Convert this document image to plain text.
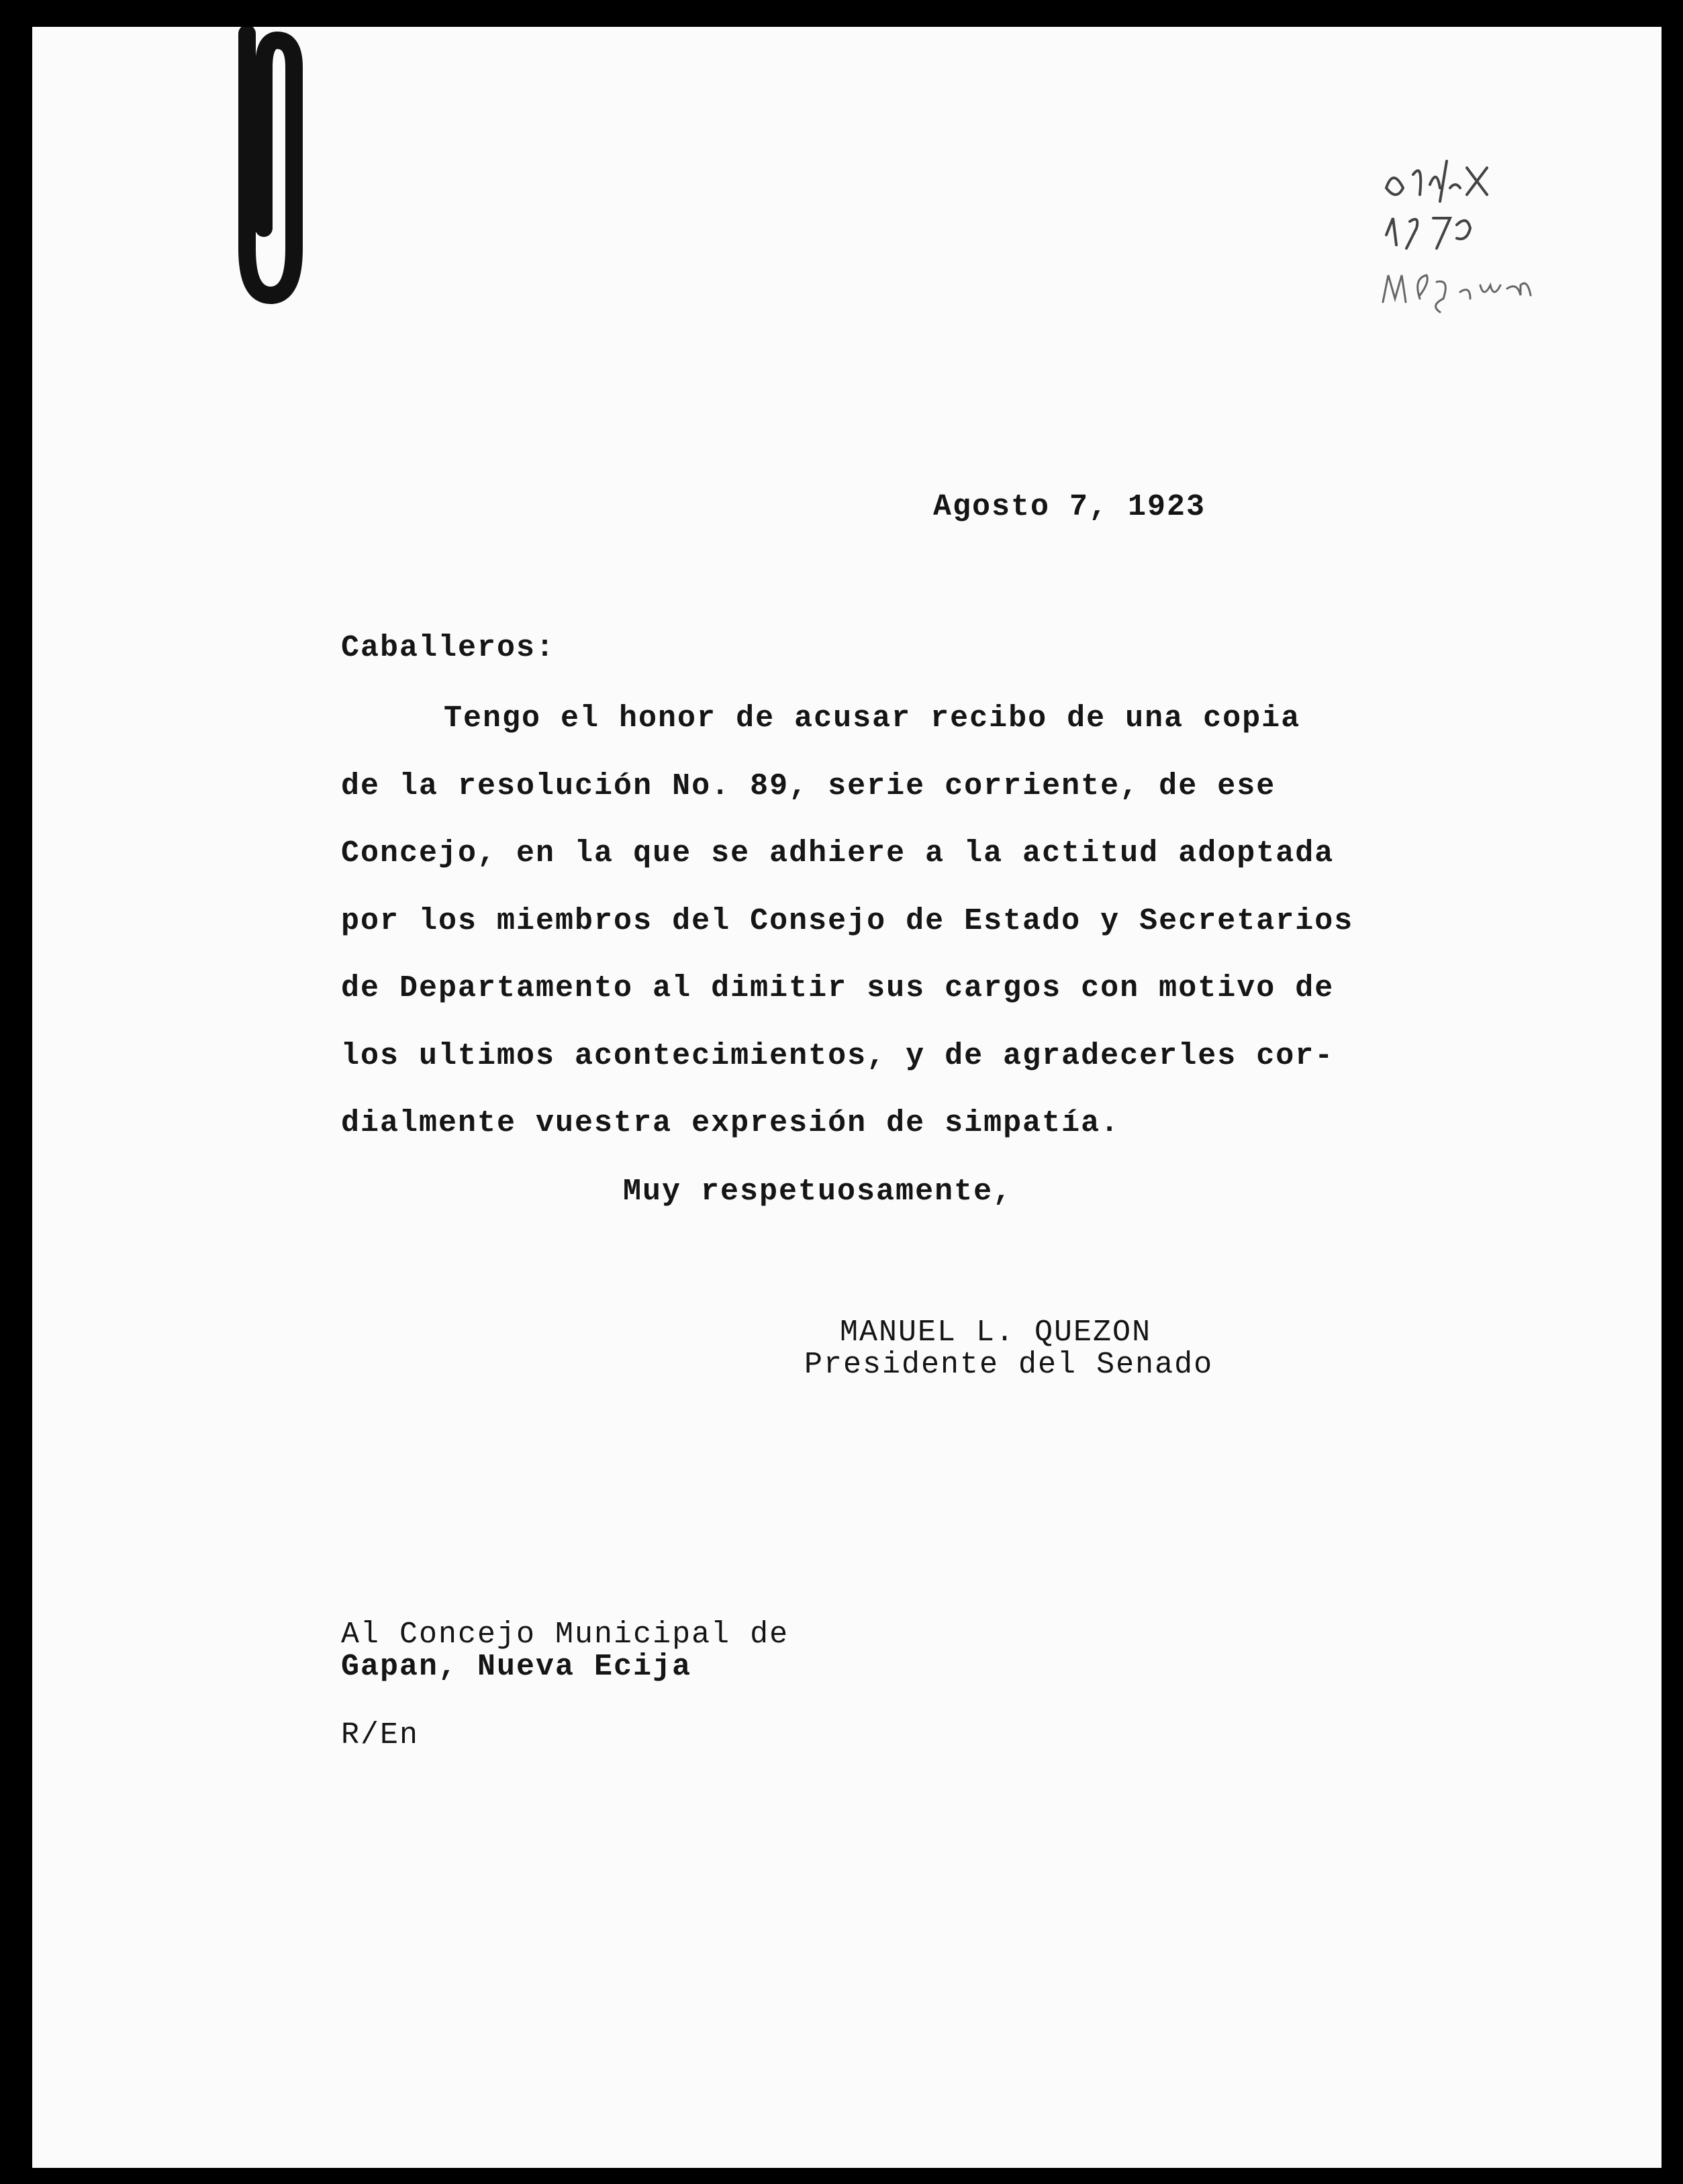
Agosto 7, 1923
Caballeros:
Tengo el honor de acusar recibo de una copia
de la resolución No. 89, serie corriente, de ese
Concejo, en la que se adhiere a la actitud adoptada
por los miembros del Consejo de Estado y Secretarios
de Departamento al dimitir sus cargos con motivo de
los ultimos acontecimientos, y de agradecerles cor-
dialmente vuestra expresión de simpatía.
Muy respetuosamente,
MANUEL L. QUEZON
Presidente del Senado
Al Concejo Municipal de
Gapan, Nueva Ecija
R/En
